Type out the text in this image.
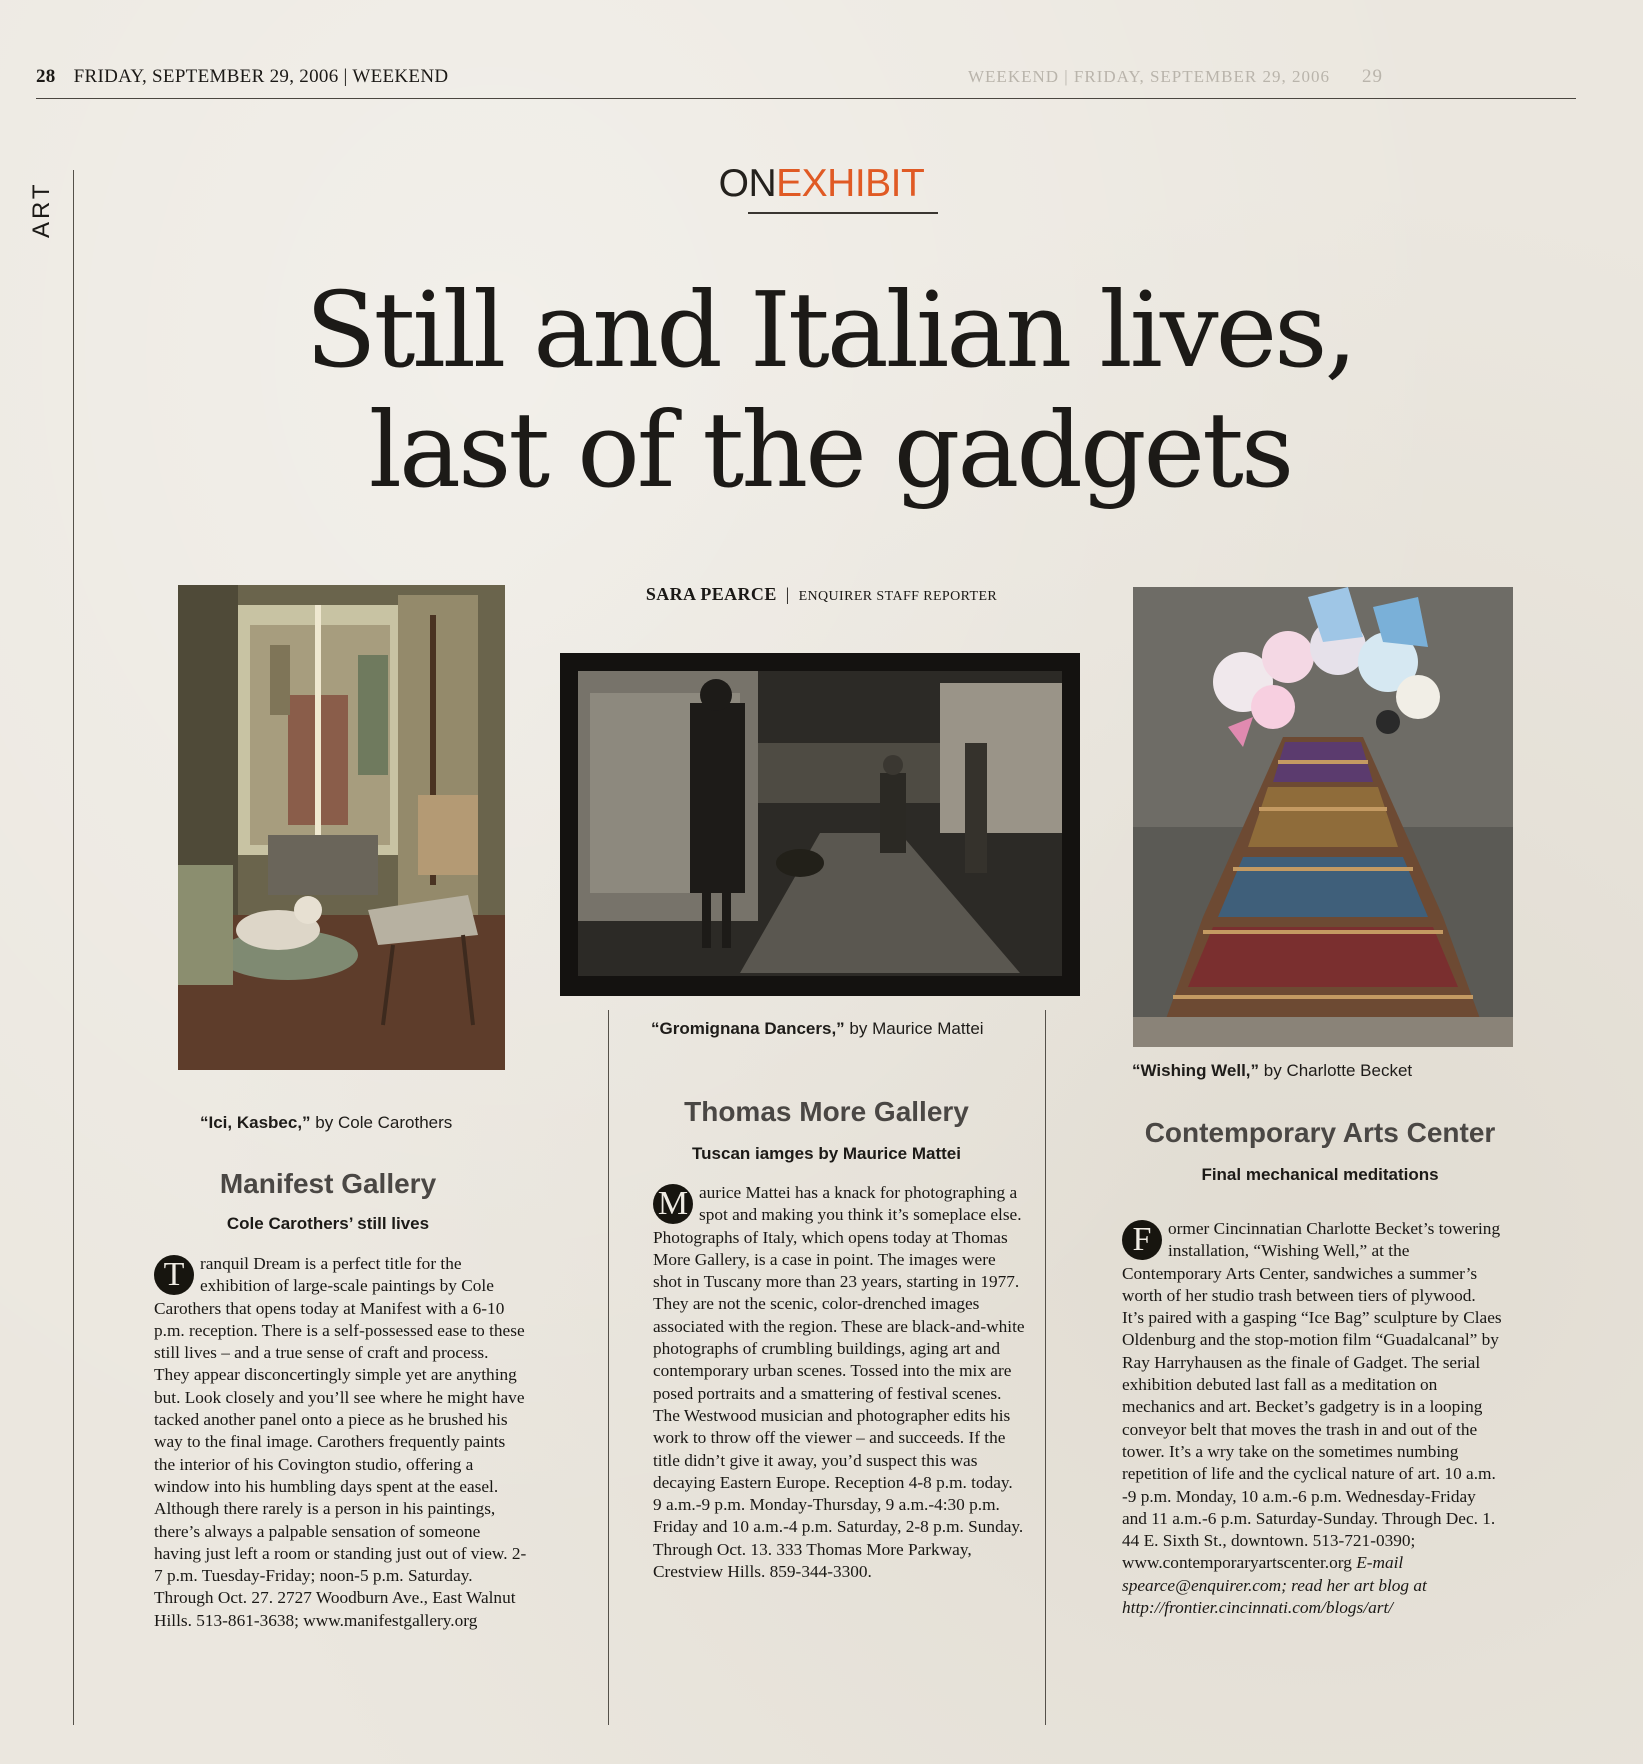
28 FRIDAY, SEPTEMBER 29, 2006 | WEEKEND	WEEKEND | FRIDAY, SEPTEMBER 29, 2006 29
ART	ONEXHIBIT
Still and Italian lives,
last of the gadgets
SARA PEARCE | ENQUIRER STAFF REPORTER
“Ici, Kasbec,” by Cole Carothers
“Gromignana Dancers,” by Maurice Mattei
“Wishing Well,” by Charlotte Becket
Manifest Gallery
Cole Carothers’ still lives
T ranquil Dream is a perfect title for the exhibition of large-scale paintings by Cole Carothers that opens today at Manifest with a 6-10 p.m. reception. There is a self-possessed ease to these still lives – and a true sense of craft and process. They appear disconcertingly simple yet are anything but. Look closely and you’ll see where he might have tacked another panel onto a piece as he brushed his way to the final image. Carothers frequently paints the interior of his Covington studio, offering a window into his humbling days spent at the easel. Although there rarely is a person in his paintings, there’s always a palpable sensation of someone having just left a room or standing just out of view. 2-7 p.m. Tuesday-Friday; noon-5 p.m. Saturday. Through Oct. 27. 2727 Woodburn Ave., East Walnut Hills. 513-861-3638; www.manifestgallery.org
Thomas More Gallery
Tuscan iamges by Maurice Mattei
M aurice Mattei has a knack for photographing a spot and making you think it’s someplace else. Photographs of Italy, which opens today at Thomas More Gallery, is a case in point. The images were shot in Tuscany more than 23 years, starting in 1977. They are not the scenic, color-drenched images associated with the region. These are black-and-white photographs of crumbling buildings, aging art and contemporary urban scenes. Tossed into the mix are posed portraits and a smattering of festival scenes. The Westwood musician and photographer edits his work to throw off the viewer – and succeeds. If the title didn’t give it away, you’d suspect this was decaying Eastern Europe. Reception 4-8 p.m. today. 9 a.m.-9 p.m. Monday-Thursday, 9 a.m.-4:30 p.m. Friday and 10 a.m.-4 p.m. Saturday, 2-8 p.m. Sunday. Through Oct. 13. 333 Thomas More Parkway, Crestview Hills. 859-344-3300.
Contemporary Arts Center
Final mechanical meditations
F ormer Cincinnatian Charlotte Becket’s towering installation, “Wishing Well,” at the Contemporary Arts Center, sandwiches a summer’s worth of her studio trash between tiers of plywood. It’s paired with a gasping “Ice Bag” sculpture by Claes Oldenburg and the stop-motion film “Guadalcanal” by Ray Harryhausen as the finale of Gadget. The serial exhibition debuted last fall as a meditation on mechanics and art. Becket’s gadgetry is in a looping conveyor belt that moves the trash in and out of the tower. It’s a wry take on the sometimes numbing repetition of life and the cyclical nature of art. 10 a.m. -9 p.m. Monday, 10 a.m.-6 p.m. Wednesday-Friday and 11 a.m.-6 p.m. Saturday-Sunday. Through Dec. 1. 44 E. Sixth St., downtown. 513-721-0390; www.contemporaryartscenter.org E-mail spearce@enquirer.com; read her art blog at http://frontier.cincinnati.com/blogs/art/
